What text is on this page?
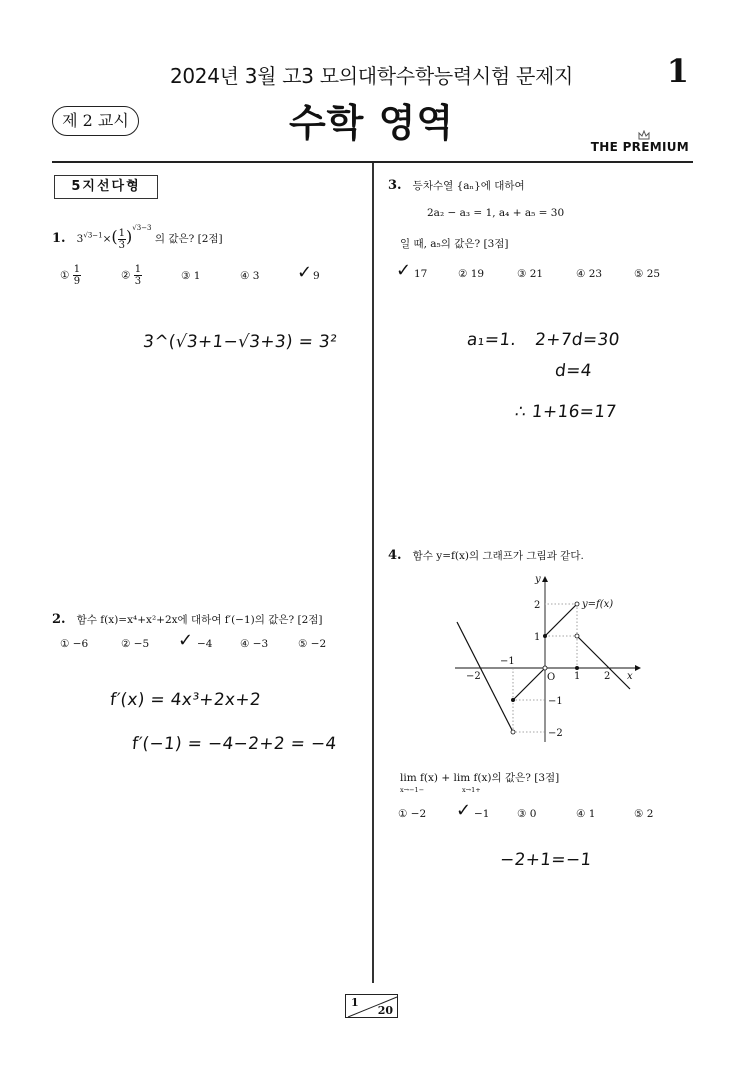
2024년 3월 고3 모의대학수학능력시험 문제지	1
제 2 교시	수학 영역
THE PREMIUM
5지선다형
1. $3^{√3-1}\times( \frac{1}{3} )^{√3-3}$ 의 값은? [2점]
① $\frac{1}{9}$	② $\frac{1}{3}$	③ 1	④ 3 ✓ 9
3^(√3+1−√3+3) = 3²
2. 함수 f(x)=x⁴+x²+2x에 대하여 f′(−1)의 값은? [2점]
① −6	② −5 ✓ −4	④ −3	⑤ −2
f′(x) = 4x³+2x+2
f′(−1) = −4−2+2 = −4
3. 등차수열 {aₙ}에 대하여
2a₂ − a₃ = 1, a₄ + a₅ = 30
일 때, a₅의 값은? [3점]
✓ 17	② 19	③ 21	④ 23	⑤ 25
a₁=1. 2+7d=30
d=4
∴ 1+16=17
4. 함수 y=f(x)의 그래프가 그림과 같다.
y
x
O
y=f(x)
2
1
−1
−2
−1
−2	1 2
lim f(x) + lim f(x)의 값은? [3점]
x→−1−	x→1+
① −2 ✓ −1	③ 0	④ 1	⑤ 2
−2+1=−1
1
20
